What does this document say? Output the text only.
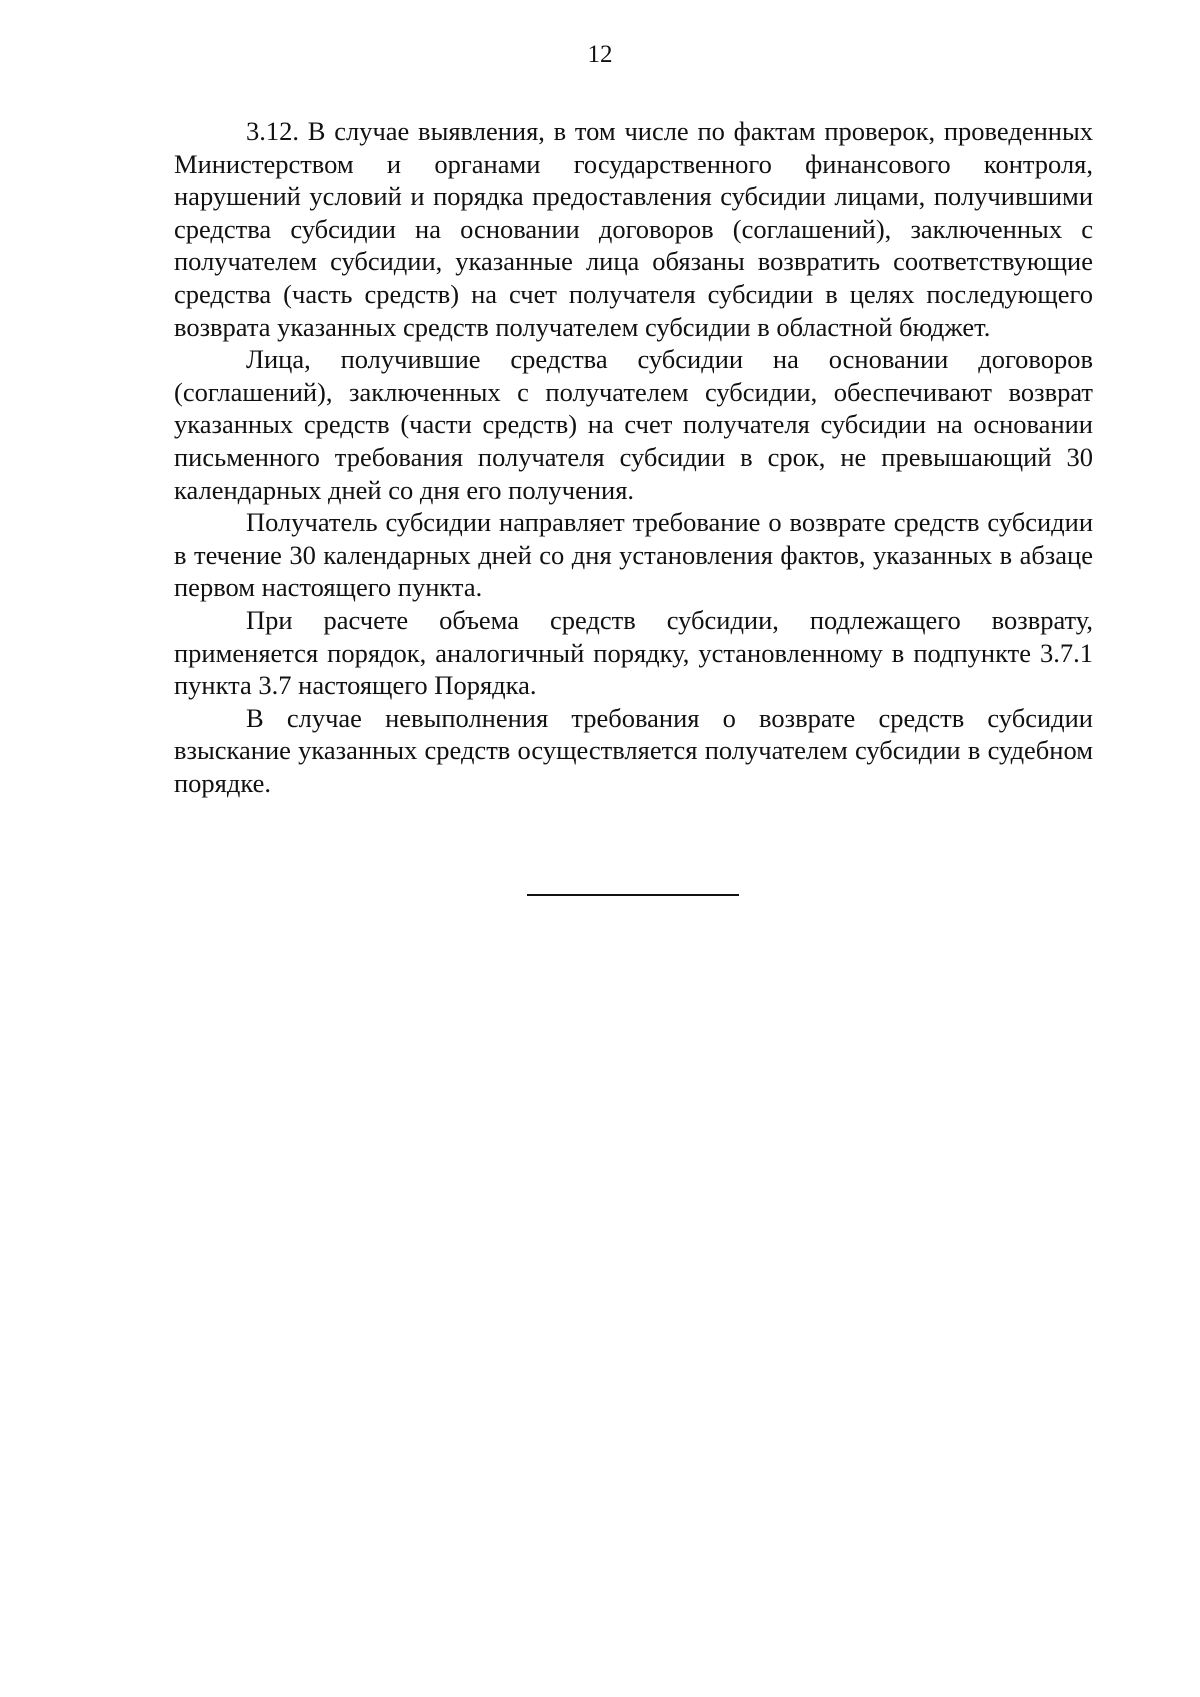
12

3.12. В случае выявления, в том числе по фактам проверок, проведенных Министерством и органами государственного финансового контроля, нарушений условий и порядка предоставления субсидии лицами, получившими средства субсидии на основании договоров (соглашений), заключенных с получателем субсидии, указанные лица обязаны возвратить соответствующие средства (часть средств) на счет получателя субсидии в целях последующего возврата указанных средств получателем субсидии в областной бюджет.

Лица, получившие средства субсидии на основании договоров (соглашений), заключенных с получателем субсидии, обеспечивают возврат указанных средств (части средств) на счет получателя субсидии на основании письменного требования получателя субсидии в срок, не превышающий 30 календарных дней со дня его получения.

Получатель субсидии направляет требование о возврате средств субсидии в течение 30 календарных дней со дня установления фактов, указанных в абзаце первом настоящего пункта.

При расчете объема средств субсидии, подлежащего возврату, применяется порядок, аналогичный порядку, установленному в подпункте 3.7.1 пункта 3.7 настоящего Порядка.

В случае невыполнения требования о возврате средств субсидии взыскание указанных средств осуществляется получателем субсидии в судебном порядке.
